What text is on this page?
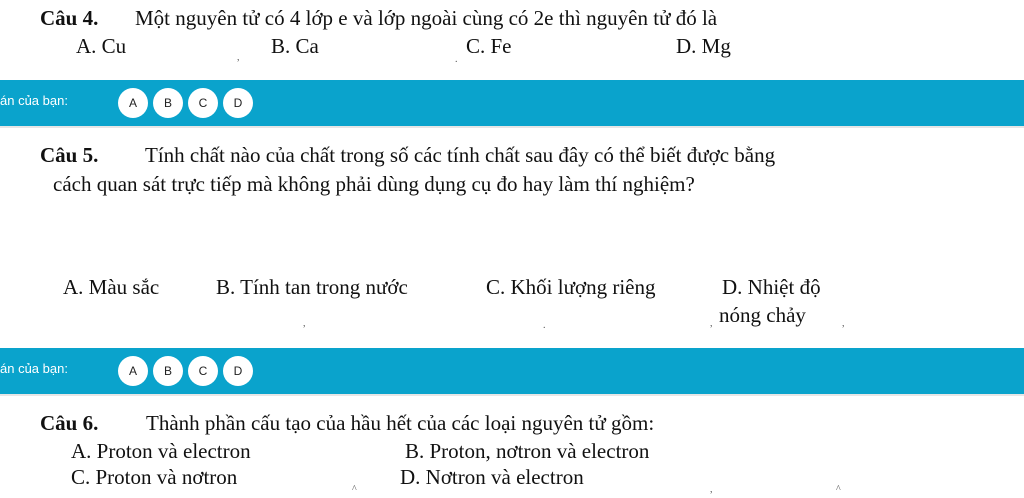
Câu 4. Một nguyên tử có 4 lớp e và lớp ngoài cùng có 2e thì nguyên tử đó là
A. Cu	B. Ca	C. Fe	D. Mg
,	.
án của bạn:	A	B	C	D
Câu 5. Tính chất nào của chất trong số các tính chất sau đây có thể biết được bằng
cách quan sát trực tiếp mà không phải dùng dụng cụ đo hay làm thí nghiệm?
A. Màu sắc	B. Tính tan trong nước	C. Khối lượng riêng	D. Nhiệt độ
nóng chảy
,	.	,	,
án của bạn:	A	B	C	D
Câu 6. Thành phần cấu tạo của hầu hết của các loại nguyên tử gồm:
A. Proton và electron	B. Proton, nơtron và electron
C. Proton và nơtron	D. Nơtron và electron
^	,	^
